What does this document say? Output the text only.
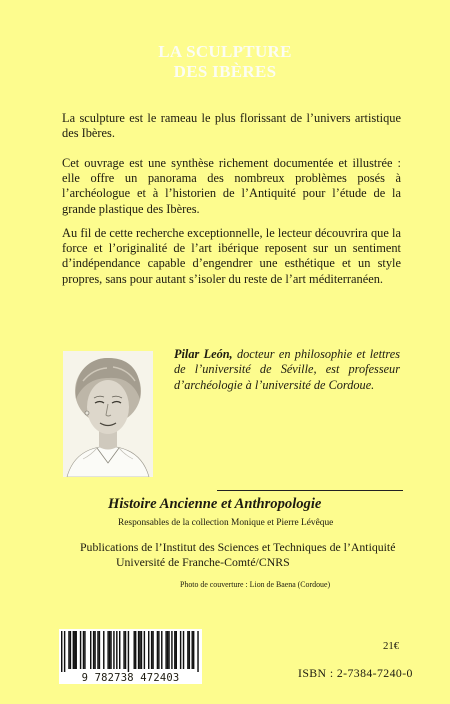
LA SCULPTURE
DES IBÈRES

La sculpture est le rameau le plus florissant de l’univers artistique des Ibères.

Cet ouvrage est une synthèse richement documentée et illustrée : elle offre un panorama des nombreux problèmes posés à l’archéologue et à l’historien de l’Antiquité pour l’étude de la grande plastique des Ibères.

Au fil de cette recherche exceptionnelle, le lecteur découvrira que la force et l’originalité de l’art ibérique reposent sur un sentiment d’indépendance capable d’engendrer une esthétique et un style propres, sans pour autant s’isoler du reste de l’art méditerranéen.

Pilar León, docteur en philosophie et lettres de l’université de Séville, est professeur d’archéologie à l’université de Cordoue.
Histoire Ancienne et Anthropologie
Responsables de la collection Monique et Pierre Lévêque
Publications de l’Institut des Sciences et Techniques de l’Antiquité
Université de Franche-Comté/CNRS
Photo de couverture : Lion de Baena (Cordoue)
9 782738 472403
21€
ISBN : 2-7384-7240-0
